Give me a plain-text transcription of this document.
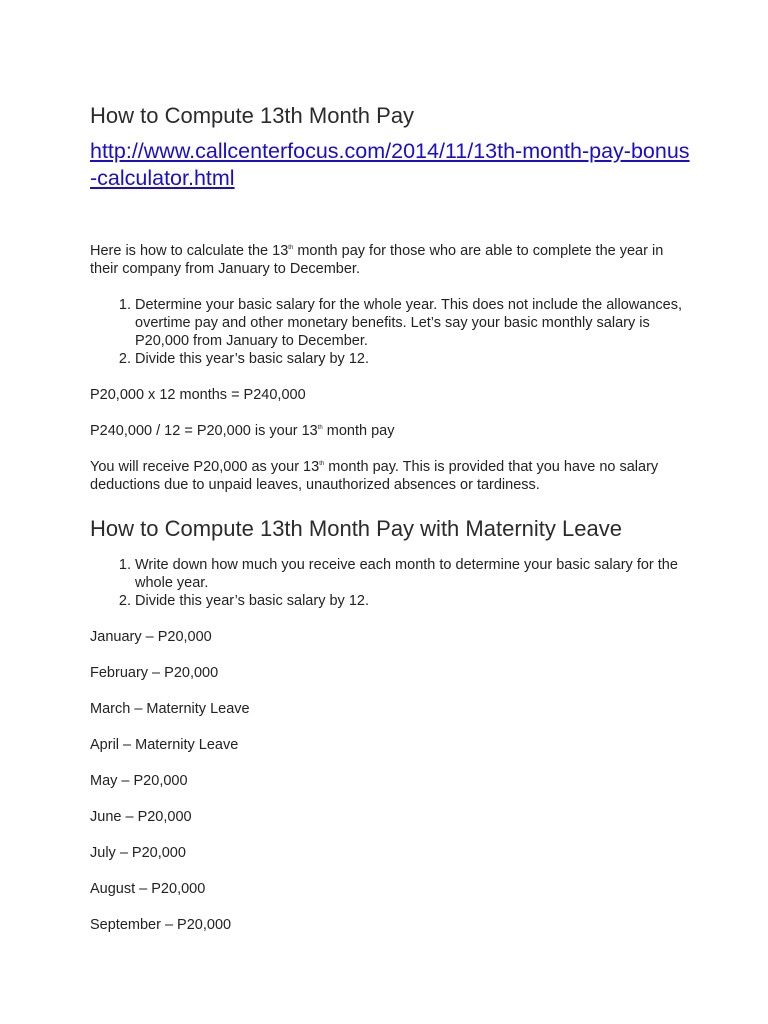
How to Compute 13th Month Pay
http://www.callcenterfocus.com/2014/11/13th-month-pay-bonus-calculator.html

Here is how to calculate the 13th month pay for those who are able to complete the year in their company from January to December.

1. Determine your basic salary for the whole year. This does not include the allowances, overtime pay and other monetary benefits. Let’s say your basic monthly salary is P20,000 from January to December.
2. Divide this year’s basic salary by 12.

P20,000 x 12 months = P240,000

P240,000 / 12 = P20,000 is your 13th month pay

You will receive P20,000 as your 13th month pay. This is provided that you have no salary deductions due to unpaid leaves, unauthorized absences or tardiness.

How to Compute 13th Month Pay with Maternity Leave
1. Write down how much you receive each month to determine your basic salary for the whole year.
2. Divide this year’s basic salary by 12.

January – P20,000

February – P20,000

March – Maternity Leave

April – Maternity Leave

May – P20,000

June – P20,000

July – P20,000

August – P20,000

September – P20,000
